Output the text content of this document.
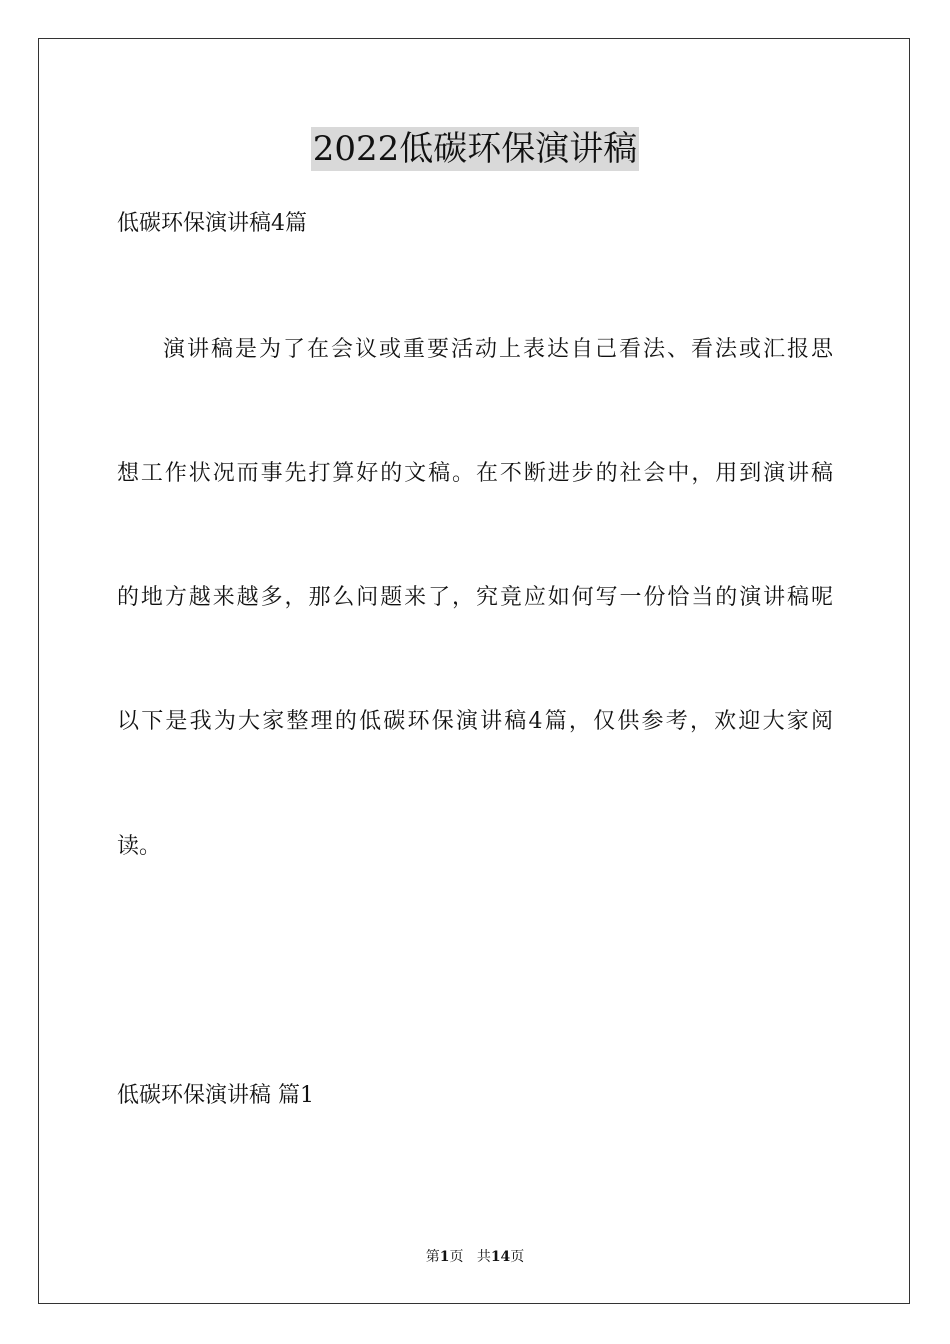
2022低碳环保演讲稿
低碳环保演讲稿4篇
演讲稿是为了在会议或重要活动上表达自己看法、看法或汇报思
想工作状况而事先打算好的文稿。在不断进步的社会中，用到演讲稿
的地方越来越多，那么问题来了，究竟应如何写一份恰当的演讲稿呢
以下是我为大家整理的低碳环保演讲稿4篇，仅供参考，欢迎大家阅
读。
低碳环保演讲稿 篇1
第1页 共14页
